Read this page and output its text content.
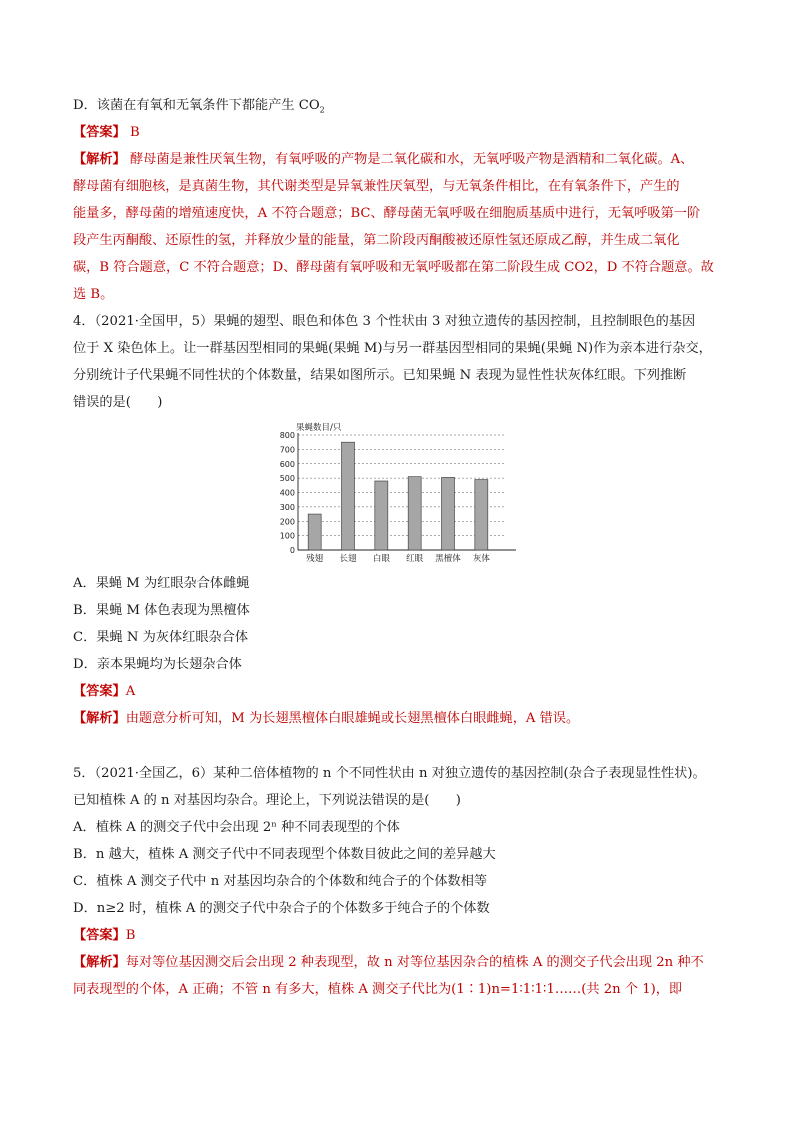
D．该菌在有氧和无氧条件下都能产生 $CO_2$
【答案】 B
【解析】 酵母菌是兼性厌氧生物，有氧呼吸的产物是二氧化碳和水，无氧呼吸产物是酒精和二氧化碳。A、
酵母菌有细胞核，是真菌生物，其代谢类型是异氧兼性厌氧型，与无氧条件相比，在有氧条件下，产生的
能量多，酵母菌的增殖速度快，A 不符合题意；BC、酵母菌无氧呼吸在细胞质基质中进行，无氧呼吸第一阶
段产生丙酮酸、还原性的氢，并释放少量的能量，第二阶段丙酮酸被还原性氢还原成乙醇，并生成二氧化
碳，B 符合题意，C 不符合题意；D、酵母菌有氧呼吸和无氧呼吸都在第二阶段生成 CO2，D 不符合题意。故
选 B。
4．（2021·全国甲，5）果蝇的翅型、眼色和体色 3 个性状由 3 对独立遗传的基因控制，且控制眼色的基因
位于 X 染色体上。让一群基因型相同的果蝇(果蝇 M)与另一群基因型相同的果蝇(果蝇 N)作为亲本进行杂交，
分别统计子代果蝇不同性状的个体数量，结果如图所示。已知果蝇 N 表现为显性性状灰体红眼。下列推断
错误的是(　　)
果蝇数目/只
0
100
200
300
400
500
600
700
800
残翅 长翅 白眼 红眼 黑檀体 灰体
A．果蝇 M 为红眼杂合体雌蝇
B．果蝇 M 体色表现为黑檀体
C．果蝇 N 为灰体红眼杂合体
D．亲本果蝇均为长翅杂合体
【答案】A
【解析】由题意分析可知，M 为长翅黑檀体白眼雄蝇或长翅黑檀体白眼雌蝇，A 错误。
5．（2021·全国乙，6）某种二倍体植物的 n 个不同性状由 n 对独立遗传的基因控制(杂合子表现显性性状)。
已知植株 A 的 n 对基因均杂合。理论上，下列说法错误的是(　　)
A．植株 A 的测交子代中会出现 2ⁿ 种不同表现型的个体
B．n 越大，植株 A 测交子代中不同表现型个体数目彼此之间的差异越大
C．植株 A 测交子代中 n 对基因均杂合的个体数和纯合子的个体数相等
D．n≥2 时，植株 A 的测交子代中杂合子的个体数多于纯合子的个体数
【答案】B
【解析】每对等位基因测交后会出现 2 种表现型，故 n 对等位基因杂合的植株 A 的测交子代会出现 2n 种不
同表现型的个体，A 正确；不管 n 有多大，植株 A 测交子代比为(1∶1)n=1∶1∶1∶1……(共 2n 个 1)，即
